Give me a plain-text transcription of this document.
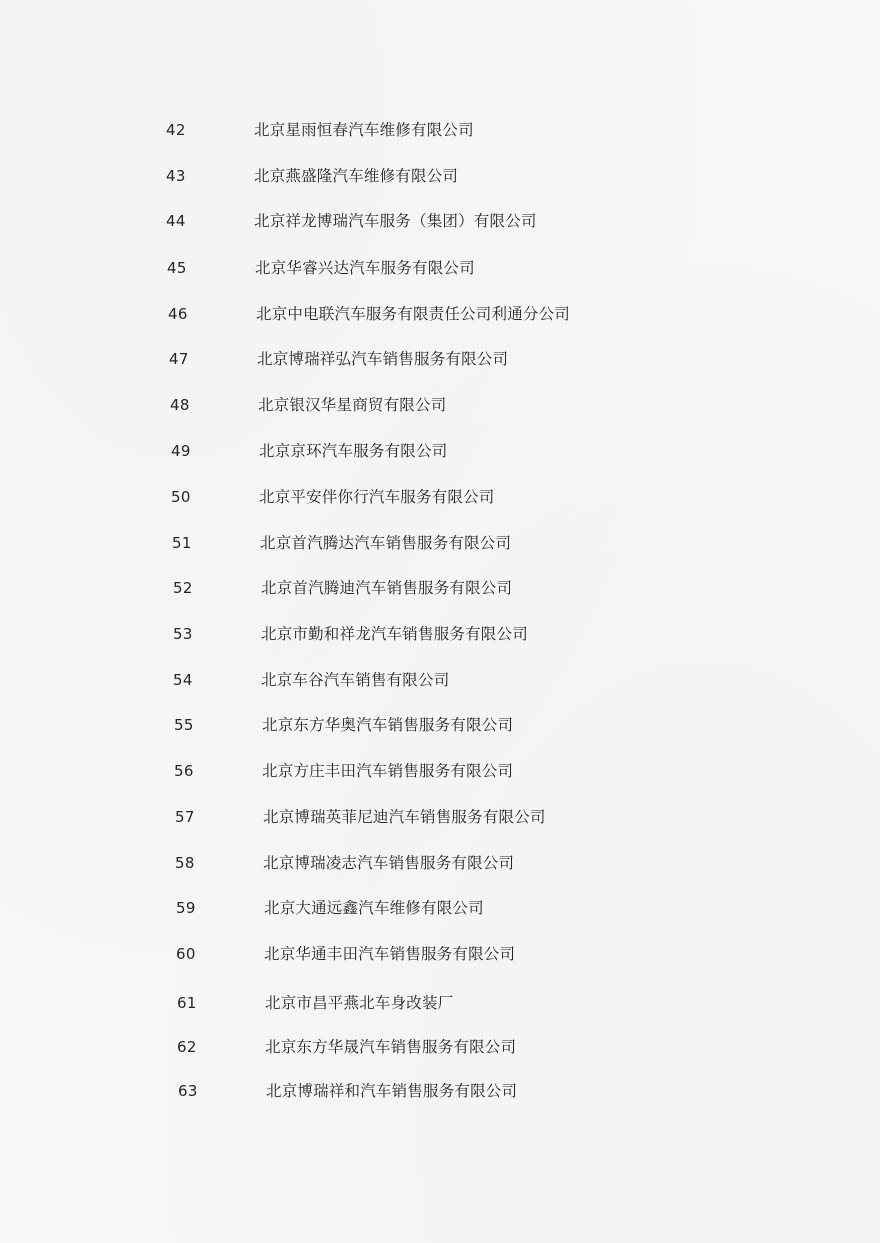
42	北京星雨恒春汽车维修有限公司
43	北京燕盛隆汽车维修有限公司
44	北京祥龙博瑞汽车服务（集团）有限公司
45	北京华睿兴达汽车服务有限公司
46	北京中电联汽车服务有限责任公司利通分公司
47	北京博瑞祥弘汽车销售服务有限公司
48	北京银汉华星商贸有限公司
49	北京京环汽车服务有限公司
50	北京平安伴你行汽车服务有限公司
51	北京首汽腾达汽车销售服务有限公司
52	北京首汽腾迪汽车销售服务有限公司
53	北京市勤和祥龙汽车销售服务有限公司
54	北京车谷汽车销售有限公司
55	北京东方华奥汽车销售服务有限公司
56	北京方庄丰田汽车销售服务有限公司
57	北京博瑞英菲尼迪汽车销售服务有限公司
58	北京博瑞凌志汽车销售服务有限公司
59	北京大通远鑫汽车维修有限公司
60	北京华通丰田汽车销售服务有限公司
61	北京市昌平燕北车身改装厂
62	北京东方华晟汽车销售服务有限公司
63	北京博瑞祥和汽车销售服务有限公司
